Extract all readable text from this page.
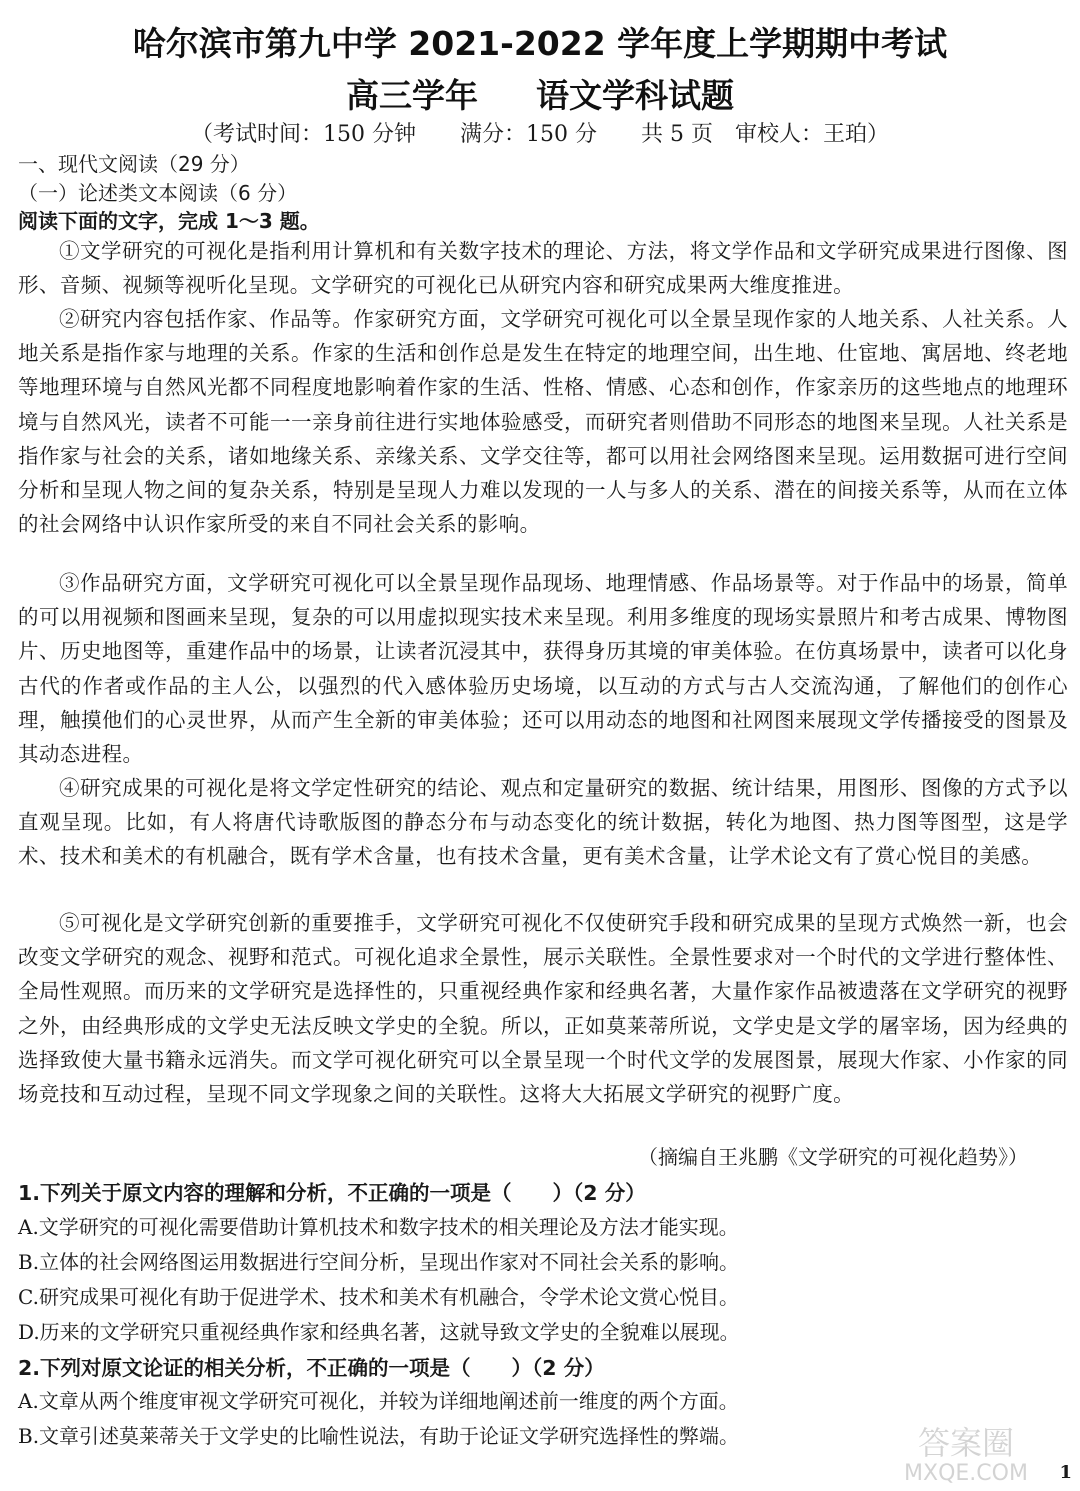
哈尔滨市第九中学 2021-2022 学年度上学期期中考试
高三学年 语文学科试题
（考试时间：150 分钟　　满分：150 分　　共 5 页　审校人：王珀）
一、现代文阅读（29 分）
（一）论述类文本阅读（6 分）
阅读下面的文字，完成 1～3 题。
①文学研究的可视化是指利用计算机和有关数字技术的理论、方法，将文学作品和文学研究成果进行图像、图形、音频、视频等视听化呈现。文学研究的可视化已从研究内容和研究成果两大维度推进。
②研究内容包括作家、作品等。作家研究方面，文学研究可视化可以全景呈现作家的人地关系、人社关系。人地关系是指作家与地理的关系。作家的生活和创作总是发生在特定的地理空间，出生地、仕宦地、寓居地、终老地等地理环境与自然风光都不同程度地影响着作家的生活、性格、情感、心态和创作，作家亲历的这些地点的地理环境与自然风光，读者不可能一一亲身前往进行实地体验感受，而研究者则借助不同形态的地图来呈现。人社关系是指作家与社会的关系，诸如地缘关系、亲缘关系、文学交往等，都可以用社会网络图来呈现。运用数据可进行空间分析和呈现人物之间的复杂关系，特别是呈现人力难以发现的一人与多人的关系、潜在的间接关系等，从而在立体的社会网络中认识作家所受的来自不同社会关系的影响。
③作品研究方面，文学研究可视化可以全景呈现作品现场、地理情感、作品场景等。对于作品中的场景，简单的可以用视频和图画来呈现，复杂的可以用虚拟现实技术来呈现。利用多维度的现场实景照片和考古成果、博物图片、历史地图等，重建作品中的场景，让读者沉浸其中，获得身历其境的审美体验。在仿真场景中，读者可以化身古代的作者或作品的主人公，以强烈的代入感体验历史场境，以互动的方式与古人交流沟通，了解他们的创作心理，触摸他们的心灵世界，从而产生全新的审美体验；还可以用动态的地图和社网图来展现文学传播接受的图景及其动态进程。
④研究成果的可视化是将文学定性研究的结论、观点和定量研究的数据、统计结果，用图形、图像的方式予以直观呈现。比如，有人将唐代诗歌版图的静态分布与动态变化的统计数据，转化为地图、热力图等图型，这是学术、技术和美术的有机融合，既有学术含量，也有技术含量，更有美术含量，让学术论文有了赏心悦目的美感。
⑤可视化是文学研究创新的重要推手，文学研究可视化不仅使研究手段和研究成果的呈现方式焕然一新，也会改变文学研究的观念、视野和范式。可视化追求全景性，展示关联性。全景性要求对一个时代的文学进行整体性、全局性观照。而历来的文学研究是选择性的，只重视经典作家和经典名著，大量作家作品被遗落在文学研究的视野之外，由经典形成的文学史无法反映文学史的全貌。所以，正如莫莱蒂所说，文学史是文学的屠宰场，因为经典的选择致使大量书籍永远消失。而文学可视化研究可以全景呈现一个时代文学的发展图景，展现大作家、小作家的同场竞技和互动过程，呈现不同文学现象之间的关联性。这将大大拓展文学研究的视野广度。
（摘编自王兆鹏《文学研究的可视化趋势》）
1.下列关于原文内容的理解和分析，不正确的一项是（　　）（2 分）
A.文学研究的可视化需要借助计算机技术和数字技术的相关理论及方法才能实现。
B.立体的社会网络图运用数据进行空间分析，呈现出作家对不同社会关系的影响。
C.研究成果可视化有助于促进学术、技术和美术有机融合，令学术论文赏心悦目。
D.历来的文学研究只重视经典作家和经典名著，这就导致文学史的全貌难以展现。
2.下列对原文论证的相关分析，不正确的一项是（　　）（2 分）
A.文章从两个维度审视文学研究可视化，并较为详细地阐述前一维度的两个方面。
B.文章引述莫莱蒂关于文学史的比喻性说法，有助于论证文学研究选择性的弊端。	答案圈
MXQE.COM 1
